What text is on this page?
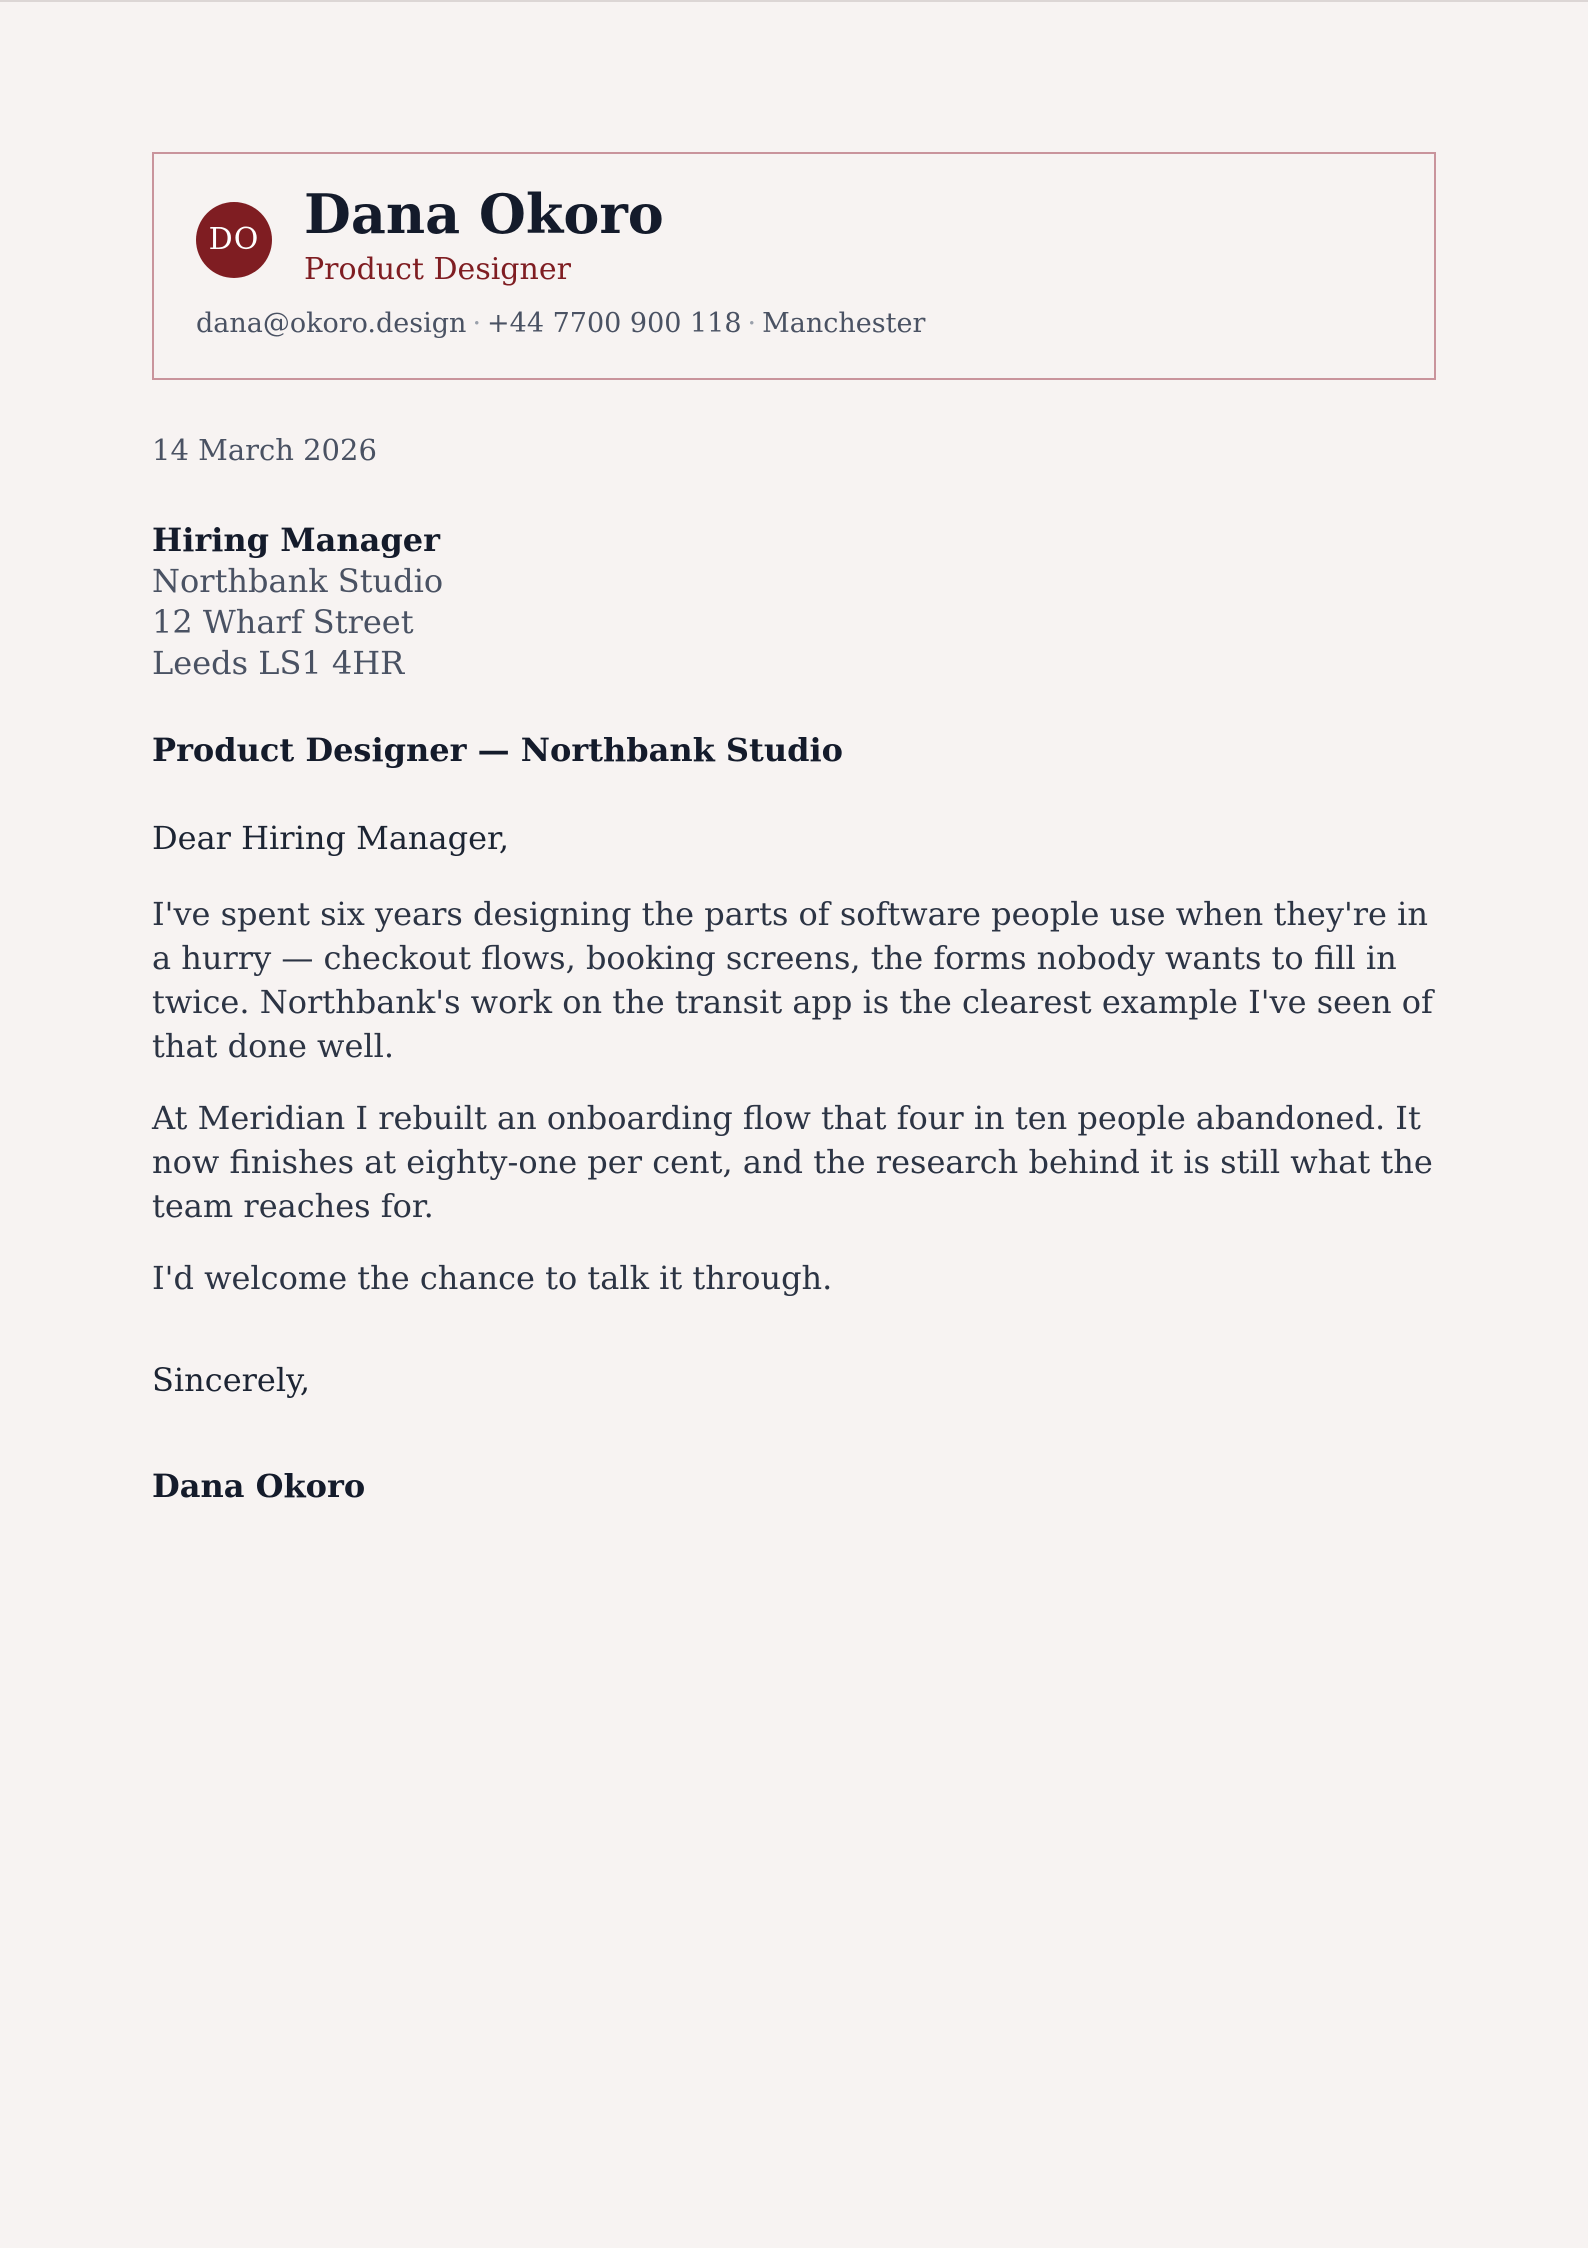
DO Dana Okoro
Product Designer
dana@okoro.design · +44 7700 900 118 · Manchester
14 March 2026
Hiring Manager
Northbank Studio
12 Wharf Street
Leeds LS1 4HR
Product Designer — Northbank Studio
Dear Hiring Manager,

I've spent six years designing the parts of software people use when they're in a hurry — checkout flows, booking screens, the forms nobody wants to fill in twice. Northbank's work on the transit app is the clearest example I've seen of that done well.

At Meridian I rebuilt an onboarding flow that four in ten people abandoned. It now finishes at eighty-one per cent, and the research behind it is still what the team reaches for.

I'd welcome the chance to talk it through.

Sincerely,
Dana Okoro
